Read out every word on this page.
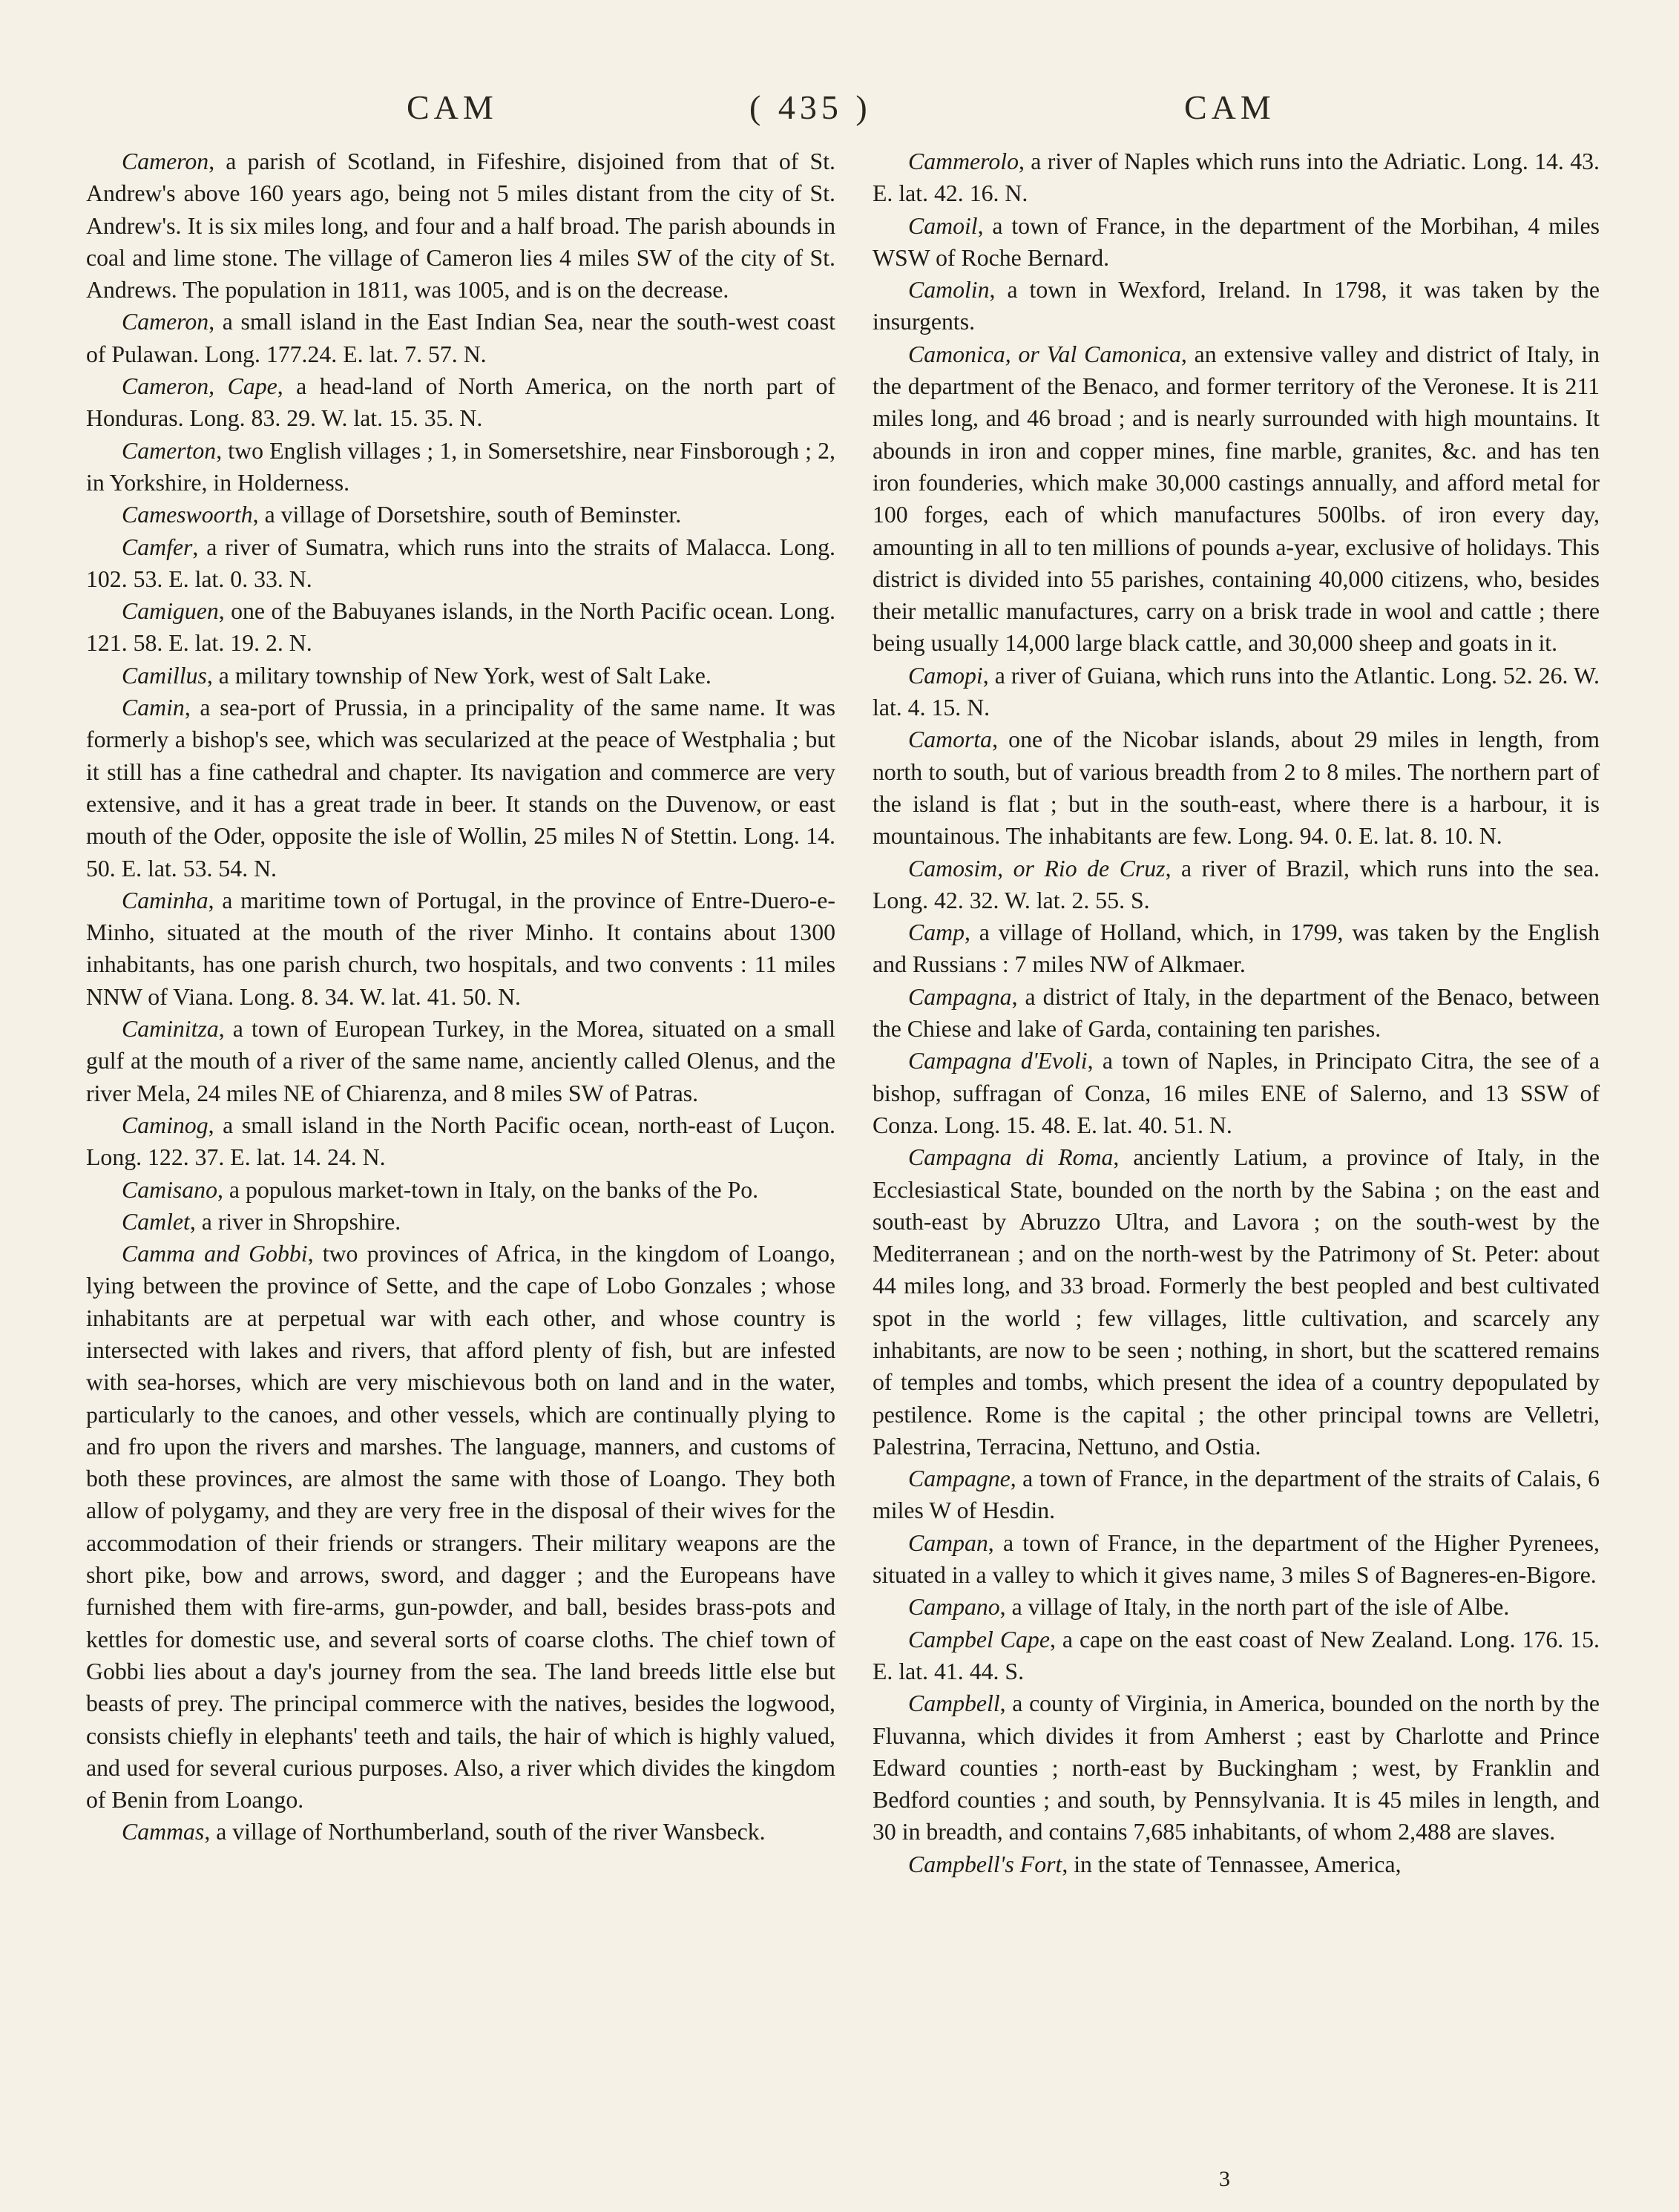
CAM	( 435 )	CAM

Cameron, a parish of Scotland, in Fifeshire, disjoined from that of St. Andrew's above 160 years ago, being not 5 miles distant from the city of St. Andrew's. It is six miles long, and four and a half broad. The parish abounds in coal and lime stone. The village of Cameron lies 4 miles SW of the city of St. Andrews. The population in 1811, was 1005, and is on the decrease.

Cameron, a small island in the East Indian Sea, near the south-west coast of Pulawan. Long. 177.24. E. lat. 7. 57. N.

Cameron, Cape, a head-land of North America, on the north part of Honduras. Long. 83. 29. W. lat. 15. 35. N.

Camerton, two English villages ; 1, in Somersetshire, near Finsborough ; 2, in Yorkshire, in Holderness.

Cameswoorth, a village of Dorsetshire, south of Beminster.

Camfer, a river of Sumatra, which runs into the straits of Malacca. Long. 102. 53. E. lat. 0. 33. N.

Camiguen, one of the Babuyanes islands, in the North Pacific ocean. Long. 121. 58. E. lat. 19. 2. N.

Camillus, a military township of New York, west of Salt Lake.

Camin, a sea-port of Prussia, in a principality of the same name. It was formerly a bishop's see, which was secularized at the peace of Westphalia ; but it still has a fine cathedral and chapter. Its navigation and commerce are very extensive, and it has a great trade in beer. It stands on the Duvenow, or east mouth of the Oder, opposite the isle of Wollin, 25 miles N of Stettin. Long. 14. 50. E. lat. 53. 54. N.

Caminha, a maritime town of Portugal, in the province of Entre-Duero-e-Minho, situated at the mouth of the river Minho. It contains about 1300 inhabitants, has one parish church, two hospitals, and two convents : 11 miles NNW of Viana. Long. 8. 34. W. lat. 41. 50. N.

Caminitza, a town of European Turkey, in the Morea, situated on a small gulf at the mouth of a river of the same name, anciently called Olenus, and the river Mela, 24 miles NE of Chiarenza, and 8 miles SW of Patras.

Caminog, a small island in the North Pacific ocean, north-east of Luçon. Long. 122. 37. E. lat. 14. 24. N.

Camisano, a populous market-town in Italy, on the banks of the Po.

Camlet, a river in Shropshire.

Camma and Gobbi, two provinces of Africa, in the kingdom of Loango, lying between the province of Sette, and the cape of Lobo Gonzales ; whose inhabitants are at perpetual war with each other, and whose country is intersected with lakes and rivers, that afford plenty of fish, but are infested with sea-horses, which are very mischievous both on land and in the water, particularly to the canoes, and other vessels, which are continually plying to and fro upon the rivers and marshes. The language, manners, and customs of both these provinces, are almost the same with those of Loango. They both allow of polygamy, and they are very free in the disposal of their wives for the accommodation of their friends or strangers. Their military weapons are the short pike, bow and arrows, sword, and dagger ; and the Europeans have furnished them with fire-arms, gun-powder, and ball, besides brass-pots and kettles for domestic use, and several sorts of coarse cloths. The chief town of Gobbi lies about a day's journey from the sea. The land breeds little else but beasts of prey. The principal commerce with the natives, besides the logwood, consists chiefly in elephants' teeth and tails, the hair of which is highly valued, and used for several curious purposes. Also, a river which divides the kingdom of Benin from Loango.

Cammas, a village of Northumberland, south of the river Wansbeck.

Cammerolo, a river of Naples which runs into the Adriatic. Long. 14. 43. E. lat. 42. 16. N.

Camoil, a town of France, in the department of the Morbihan, 4 miles WSW of Roche Bernard.

Camolin, a town in Wexford, Ireland. In 1798, it was taken by the insurgents.

Camonica, or Val Camonica, an extensive valley and district of Italy, in the department of the Benaco, and former territory of the Veronese. It is 211 miles long, and 46 broad ; and is nearly surrounded with high mountains. It abounds in iron and copper mines, fine marble, granites, &c. and has ten iron founderies, which make 30,000 castings annually, and afford metal for 100 forges, each of which manufactures 500lbs. of iron every day, amounting in all to ten millions of pounds a-year, exclusive of holidays. This district is divided into 55 parishes, containing 40,000 citizens, who, besides their metallic manufactures, carry on a brisk trade in wool and cattle ; there being usually 14,000 large black cattle, and 30,000 sheep and goats in it.

Camopi, a river of Guiana, which runs into the Atlantic. Long. 52. 26. W. lat. 4. 15. N.

Camorta, one of the Nicobar islands, about 29 miles in length, from north to south, but of various breadth from 2 to 8 miles. The northern part of the island is flat ; but in the south-east, where there is a harbour, it is mountainous. The inhabitants are few. Long. 94. 0. E. lat. 8. 10. N.

Camosim, or Rio de Cruz, a river of Brazil, which runs into the sea. Long. 42. 32. W. lat. 2. 55. S.

Camp, a village of Holland, which, in 1799, was taken by the English and Russians : 7 miles NW of Alkmaer.

Campagna, a district of Italy, in the department of the Benaco, between the Chiese and lake of Garda, containing ten parishes.

Campagna d'Evoli, a town of Naples, in Principato Citra, the see of a bishop, suffragan of Conza, 16 miles ENE of Salerno, and 13 SSW of Conza. Long. 15. 48. E. lat. 40. 51. N.

Campagna di Roma, anciently Latium, a province of Italy, in the Ecclesiastical State, bounded on the north by the Sabina ; on the east and south-east by Abruzzo Ultra, and Lavora ; on the south-west by the Mediterranean ; and on the north-west by the Patrimony of St. Peter: about 44 miles long, and 33 broad. Formerly the best peopled and best cultivated spot in the world ; few villages, little cultivation, and scarcely any inhabitants, are now to be seen ; nothing, in short, but the scattered remains of temples and tombs, which present the idea of a country depopulated by pestilence. Rome is the capital ; the other principal towns are Velletri, Palestrina, Terracina, Nettuno, and Ostia.

Campagne, a town of France, in the department of the straits of Calais, 6 miles W of Hesdin.

Campan, a town of France, in the department of the Higher Pyrenees, situated in a valley to which it gives name, 3 miles S of Bagneres-en-Bigore.

Campano, a village of Italy, in the north part of the isle of Albe.

Campbel Cape, a cape on the east coast of New Zealand. Long. 176. 15. E. lat. 41. 44. S.

Campbell, a county of Virginia, in America, bounded on the north by the Fluvanna, which divides it from Amherst ; east by Charlotte and Prince Edward counties ; north-east by Buckingham ; west, by Franklin and Bedford counties ; and south, by Pennsylvania. It is 45 miles in length, and 30 in breadth, and contains 7,685 inhabitants, of whom 2,488 are slaves.

Campbell's Fort, in the state of Tennassee, America,

3
